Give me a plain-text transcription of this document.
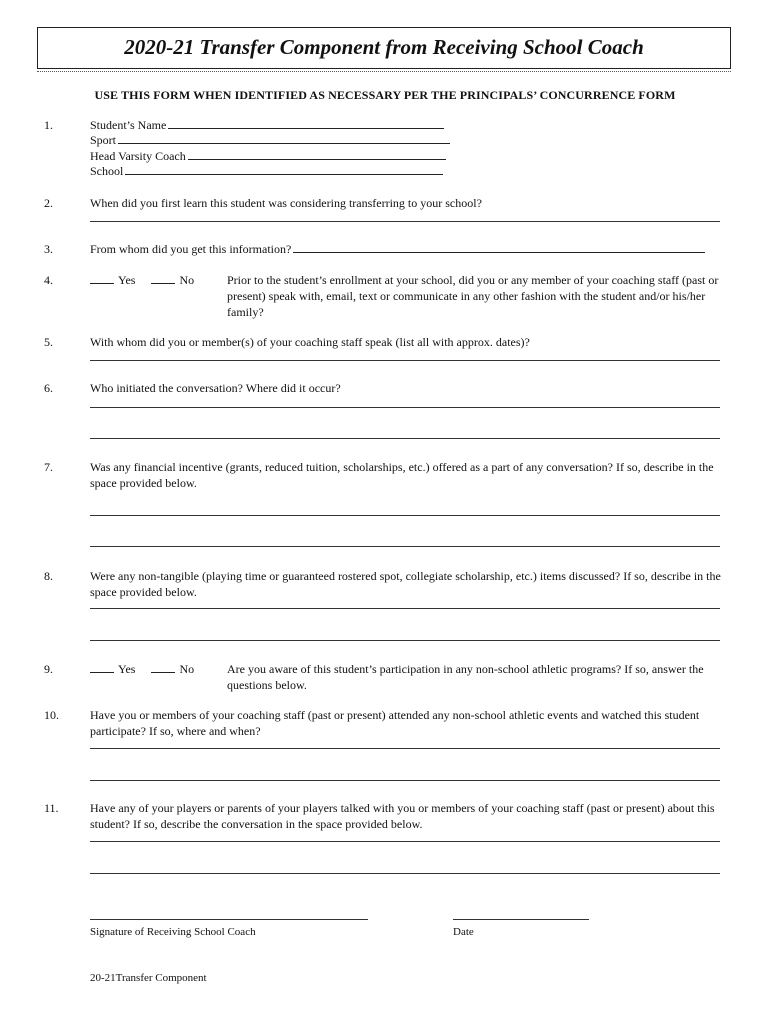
2020-21 Transfer Component from Receiving School Coach
USE THIS FORM WHEN IDENTIFIED AS NECESSARY PER THE PRINCIPALS’ CONCURRENCE FORM
1.	Student’s Name
Sport
Head Varsity Coach
School
2.	When did you first learn this student was considering transferring to your school?
3.	From whom did you get this information?
4.	Yes	No	Prior to the student’s enrollment at your school, did you or any member of your coaching staff (past or present) speak with, email, text or communicate in any other fashion with the student and/or his/her family?
5.	With whom did you or member(s) of your coaching staff speak (list all with approx. dates)?
6.	Who initiated the conversation? Where did it occur?
7.	Was any financial incentive (grants, reduced tuition, scholarships, etc.) offered as a part of any conversation? If so, describe in the space provided below.
8.	Were any non-tangible (playing time or guaranteed rostered spot, collegiate scholarship, etc.) items discussed? If so, describe in the space provided below.
9.	Yes	No	Are you aware of this student’s participation in any non-school athletic programs? If so, answer the questions below.
10.	Have you or members of your coaching staff (past or present) attended any non-school athletic events and watched this student participate? If so, where and when?
11.	Have any of your players or parents of your players talked with you or members of your coaching staff (past or present) about this student? If so, describe the conversation in the space provided below.
Signature of Receiving School Coach	Date
20-21Transfer Component
